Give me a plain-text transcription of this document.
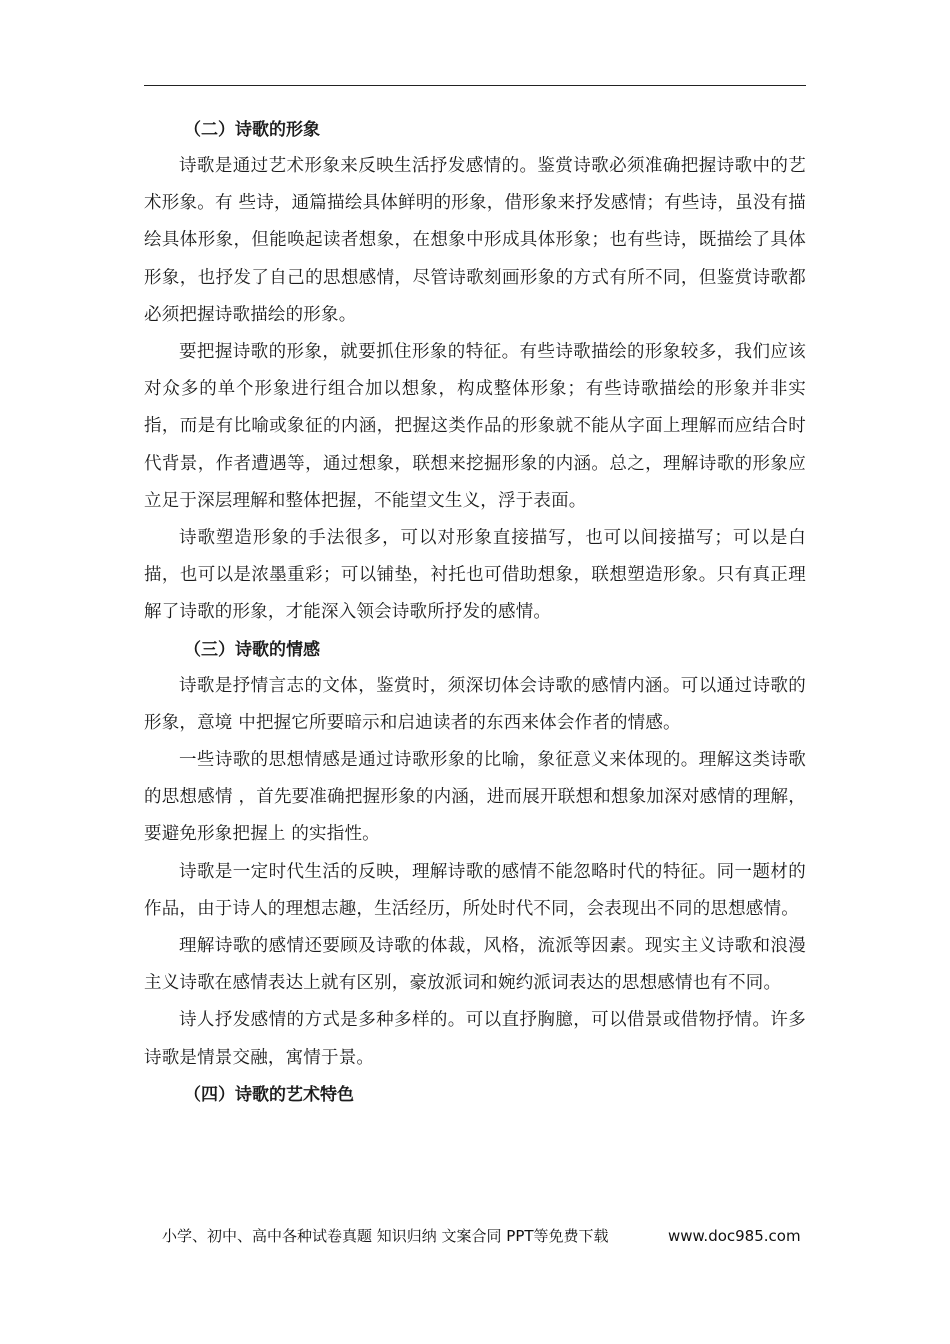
（二）诗歌的形象

诗歌是通过艺术形象来反映生活抒发感情的。鉴赏诗歌必须准确把握诗歌中的艺术形象。有 些诗，通篇描绘具体鲜明的形象，借形象来抒发感情；有些诗，虽没有描绘具体形象，但能唤起读者想象，在想象中形成具体形象；也有些诗，既描绘了具体形象，也抒发了自己的思想感情，尽管诗歌刻画形象的方式有所不同，但鉴赏诗歌都必须把握诗歌描绘的形象。

要把握诗歌的形象，就要抓住形象的特征。有些诗歌描绘的形象较多，我们应该对众多的单个形象进行组合加以想象，构成整体形象；有些诗歌描绘的形象并非实指，而是有比喻或象征的内涵，把握这类作品的形象就不能从字面上理解而应结合时代背景，作者遭遇等，通过想象，联想来挖掘形象的内涵。总之，理解诗歌的形象应立足于深层理解和整体把握，不能望文生义，浮于表面。

诗歌塑造形象的手法很多，可以对形象直接描写，也可以间接描写；可以是白描，也可以是浓墨重彩；可以铺垫，衬托也可借助想象，联想塑造形象。只有真正理解了诗歌的形象，才能深入领会诗歌所抒发的感情。

（三）诗歌的情感

诗歌是抒情言志的文体，鉴赏时，须深切体会诗歌的感情内涵。可以通过诗歌的形象，意境 中把握它所要暗示和启迪读者的东西来体会作者的情感。

一些诗歌的思想情感是通过诗歌形象的比喻，象征意义来体现的。理解这类诗歌的思想感情 ，首先要准确把握形象的内涵，进而展开联想和想象加深对感情的理解，要避免形象把握上 的实指性。

诗歌是一定时代生活的反映，理解诗歌的感情不能忽略时代的特征。同一题材的作品，由于诗人的理想志趣，生活经历，所处时代不同，会表现出不同的思想感情。

理解诗歌的感情还要顾及诗歌的体裁，风格，流派等因素。现实主义诗歌和浪漫主义诗歌在感情表达上就有区别，豪放派词和婉约派词表达的思想感情也有不同。

诗人抒发感情的方式是多种多样的。可以直抒胸臆，可以借景或借物抒情。许多诗歌是情景交融，寓情于景。

（四）诗歌的艺术特色
小学、初中、高中各种试卷真题 知识归纳 文案合同 PPT等免费下载	www.doc985.com
